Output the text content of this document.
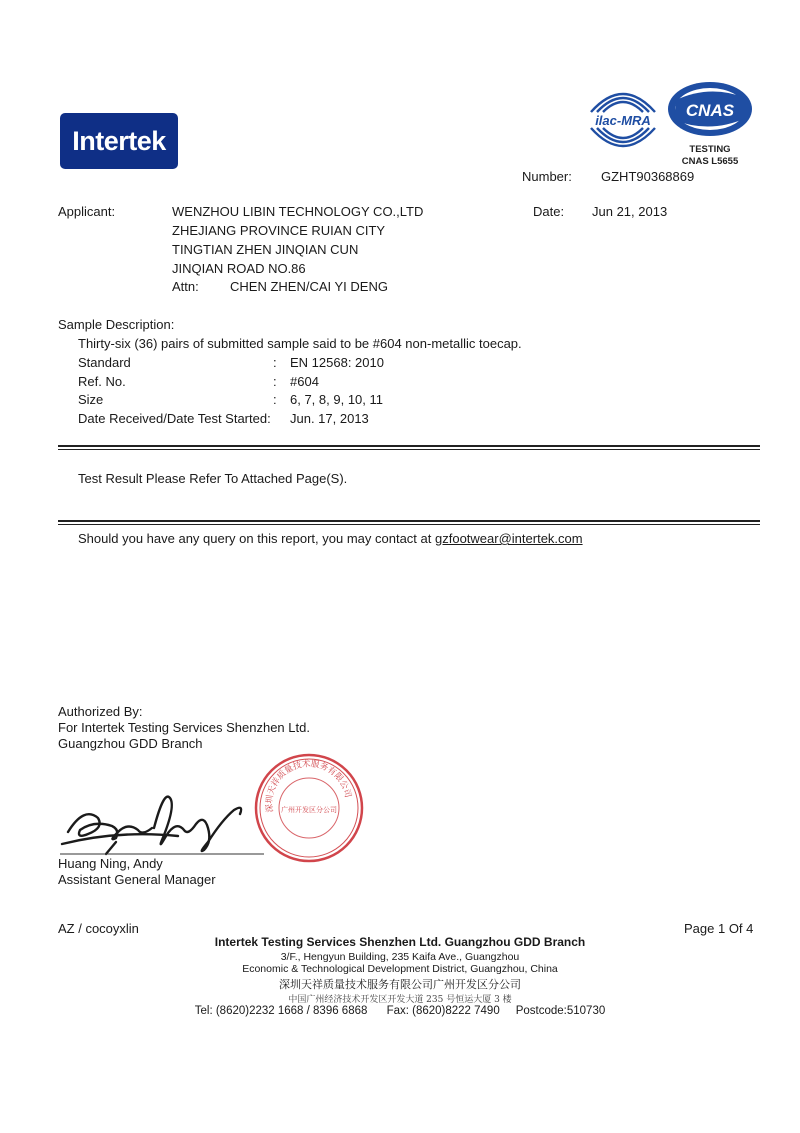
Intertek
ilac-MRA
CNAS
TESTING
CNAS L5655
Number: GZHT90368869
Applicant:	WENZHOU LIBIN TECHNOLOGY CO.,LTD
ZHEJIANG PROVINCE RUIAN CITY
TINGTIAN ZHEN JINQIAN CUN
JINQIAN ROAD NO.86
Attn: CHEN ZHEN/CAI YI DENG
Date: Jun 21, 2013
Sample Description:
Thirty-six (36) pairs of submitted sample said to be #604 non-metallic toecap.
Standard	: EN 12568: 2010
Ref. No.	: #604
Size	: 6, 7, 8, 9, 10, 11
Date Received/Date Test Started: Jun. 17, 2013
Test Result Please Refer To Attached Page(S).
Should you have any query on this report, you may contact at gzfootwear@intertek.com
Authorized By:
For Intertek Testing Services Shenzhen Ltd.
Guangzhou GDD Branch
深圳天祥质量技术服务有限公司
广州开发区分公司
Huang Ning, Andy
Assistant General Manager
AZ / cocoyxlin	Page 1 Of 4
Intertek Testing Services Shenzhen Ltd. Guangzhou GDD Branch
3/F., Hengyun Building, 235 Kaifa Ave., Guangzhou
Economic & Technological Development District, Guangzhou, China
深圳天祥质量技术服务有限公司广州开发区分公司
中国广州经济技术开发区开发大道 235 号恒运大厦 3 楼
Tel: (8620)2232 1668 / 8396 6868 Fax: (8620)8222 7490 Postcode:510730
